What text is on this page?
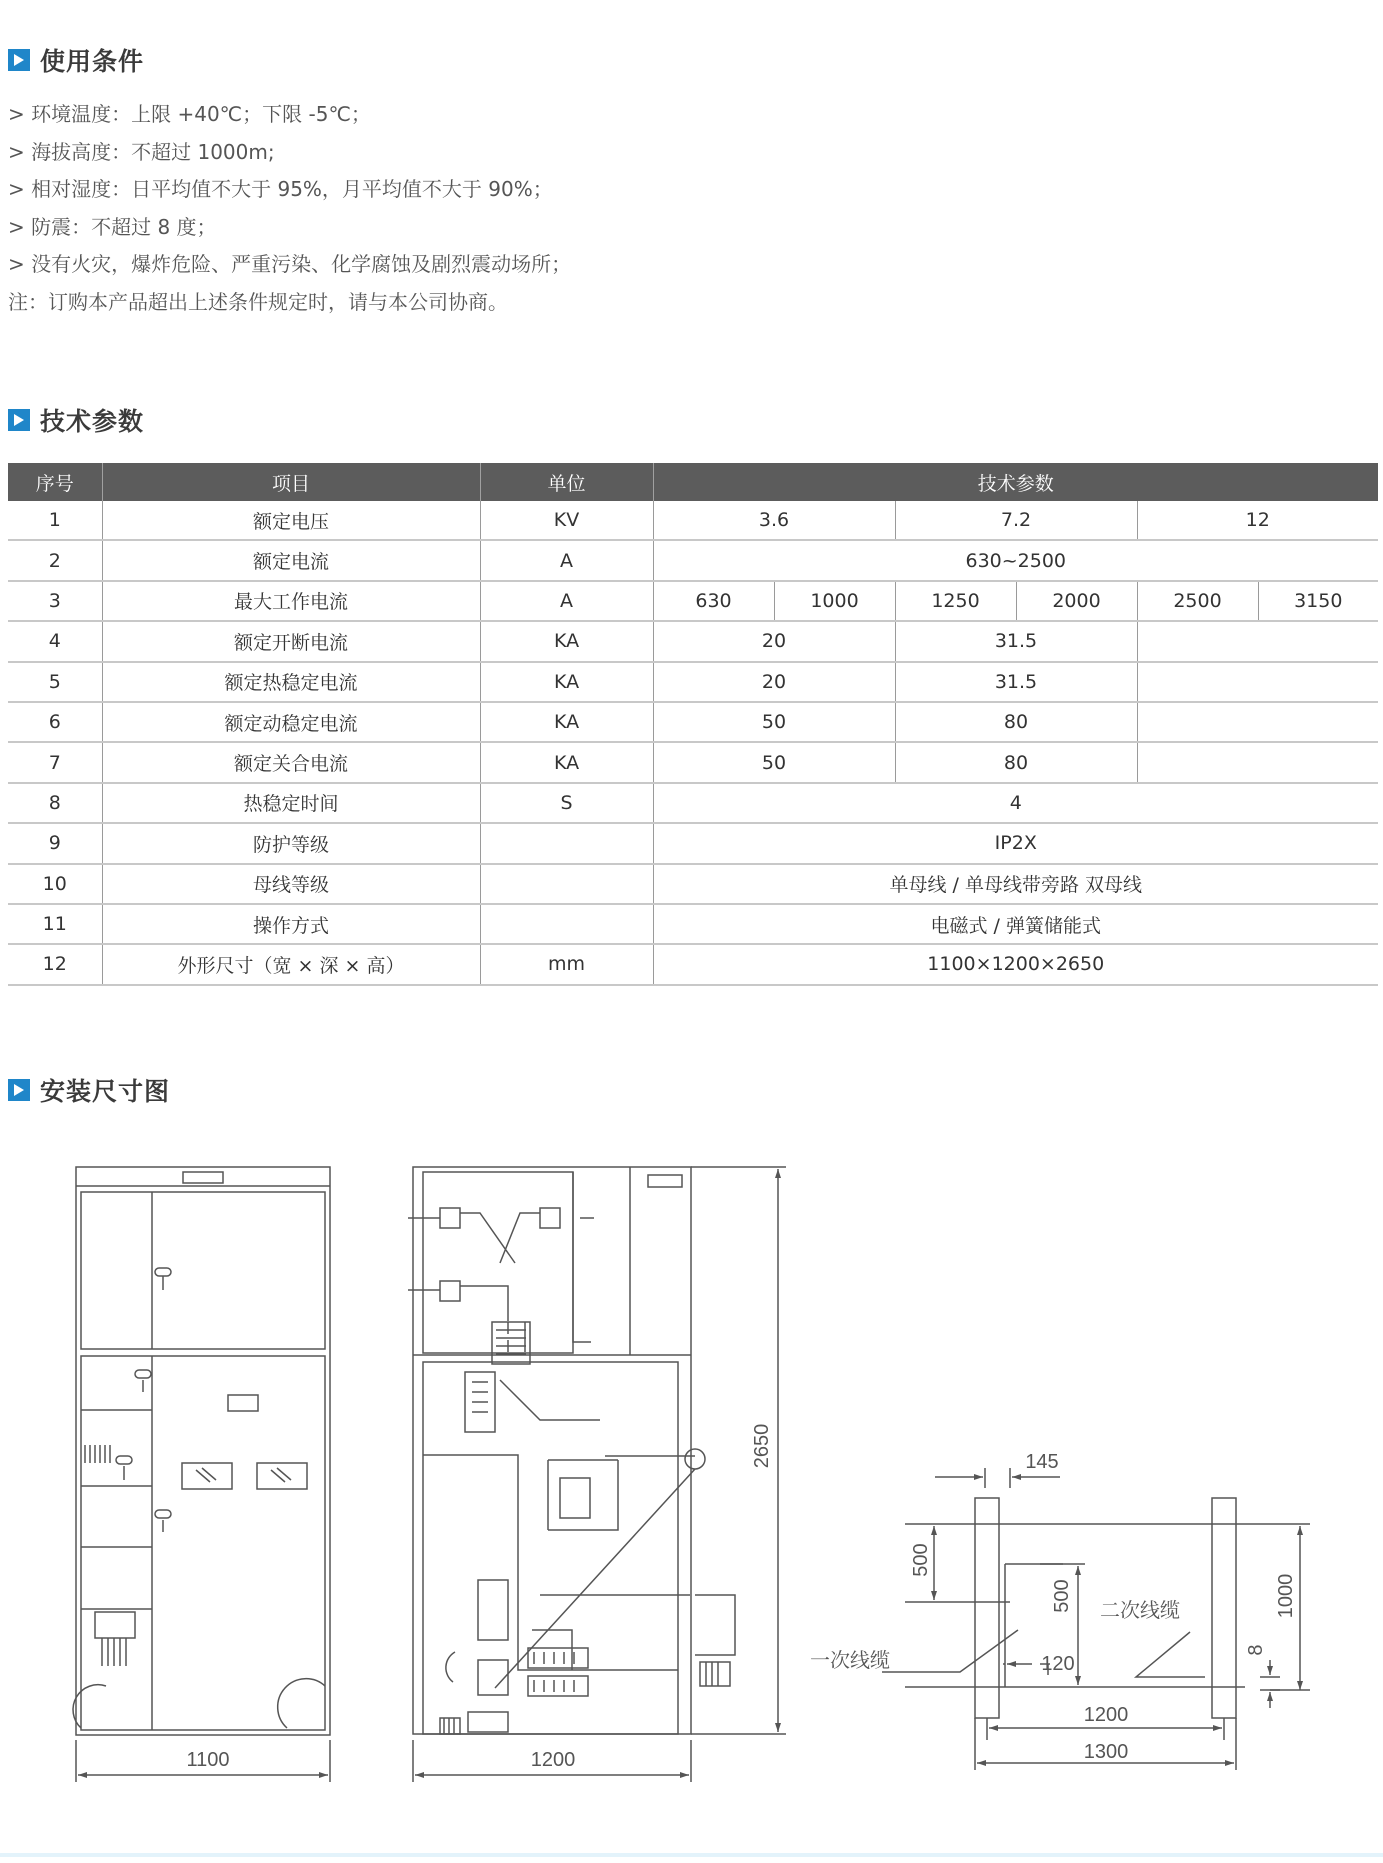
使用条件
> 环境温度：上限 +40℃；下限 -5℃；
> 海拔高度：不超过 1000m;
> 相对湿度：日平均值不大于 95%，月平均值不大于 90%；
> 防震：不超过 8 度；
> 没有火灾，爆炸危险、严重污染、化学腐蚀及剧烈震动场所；
注：订购本产品超出上述条件规定时，请与本公司协商。
技术参数
序号	项目	单位	技术参数					
1	额定电压	KV	3.6		7.2		12	
2	额定电流	A	630~2500					
3	最大工作电流	A	630	1000	1250	2000	2500	3150
4	额定开断电流	KA	20		31.5			
5	额定热稳定电流	KA	20		31.5			
6	额定动稳定电流	KA	50		80			
7	额定关合电流	KA	50		80			
8	热稳定时间	S	4					
9	防护等级		IP2X					
10	母线等级		单母线 / 单母线带旁路 双母线					
11	操作方式		电磁式 / 弹簧储能式					
12	外形尺寸（宽 × 深 × 高）	mm	1100×1200×2650					
安装尺寸图
1100	1200
2650	145
500
500
120
1000
8
1200
1300
二次线缆
一次线缆
